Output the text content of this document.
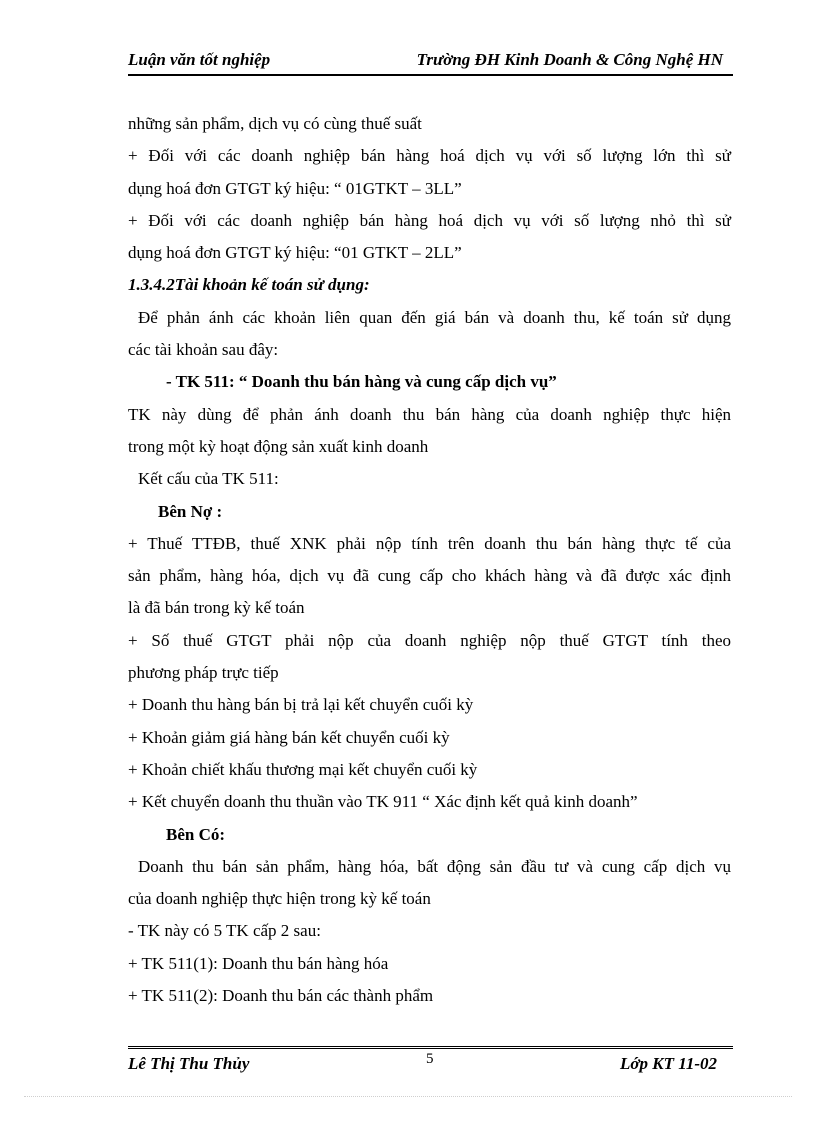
Luận văn tốt nghiệp	Trường ĐH Kinh Doanh & Công Nghệ HN

những sản phẩm, dịch vụ có cùng thuế suất

+ Đối với các doanh nghiệp bán hàng hoá dịch vụ với số lượng lớn thì sử

dụng hoá đơn GTGT ký hiệu: “ 01GTKT – 3LL”

+ Đối với các doanh nghiệp bán hàng hoá dịch vụ với số lượng nhỏ thì sử

dụng hoá đơn GTGT ký hiệu: “01 GTKT – 2LL”

1.3.4.2Tài khoản kế toán sử dụng:

Để phản ánh các khoản liên quan đến giá bán và doanh thu, kế toán sử dụng

các tài khoản sau đây:

- TK 511: “ Doanh thu bán hàng và cung cấp dịch vụ”

TK này dùng để phản ánh doanh thu bán hàng của doanh nghiệp thực hiện

trong một kỳ hoạt động sản xuất kinh doanh

Kết cấu của TK 511:

Bên Nợ :

+ Thuế TTĐB, thuế XNK phải nộp tính trên doanh thu bán hàng thực tế của

sản phẩm, hàng hóa, dịch vụ đã cung cấp cho khách hàng và đã được xác định

là đã bán trong kỳ kế toán

+ Số thuế GTGT phải nộp của doanh nghiệp nộp thuế GTGT tính theo

phương pháp trực tiếp

+ Doanh thu hàng bán bị trả lại kết chuyển cuối kỳ

+ Khoản giảm giá hàng bán kết chuyển cuối kỳ

+ Khoản chiết khấu thương mại kết chuyển cuối kỳ

+ Kết chuyển doanh thu thuần vào TK 911 “ Xác định kết quả kinh doanh”

Bên Có:

Doanh thu bán sản phẩm, hàng hóa, bất động sản đầu tư và cung cấp dịch vụ

của doanh nghiệp thực hiện trong kỳ kế toán

- TK này có 5 TK cấp 2 sau:

+ TK 511(1): Doanh thu bán hàng hóa

+ TK 511(2): Doanh thu bán các thành phẩm

Lê Thị Thu Thủy	5	Lớp KT 11-02
